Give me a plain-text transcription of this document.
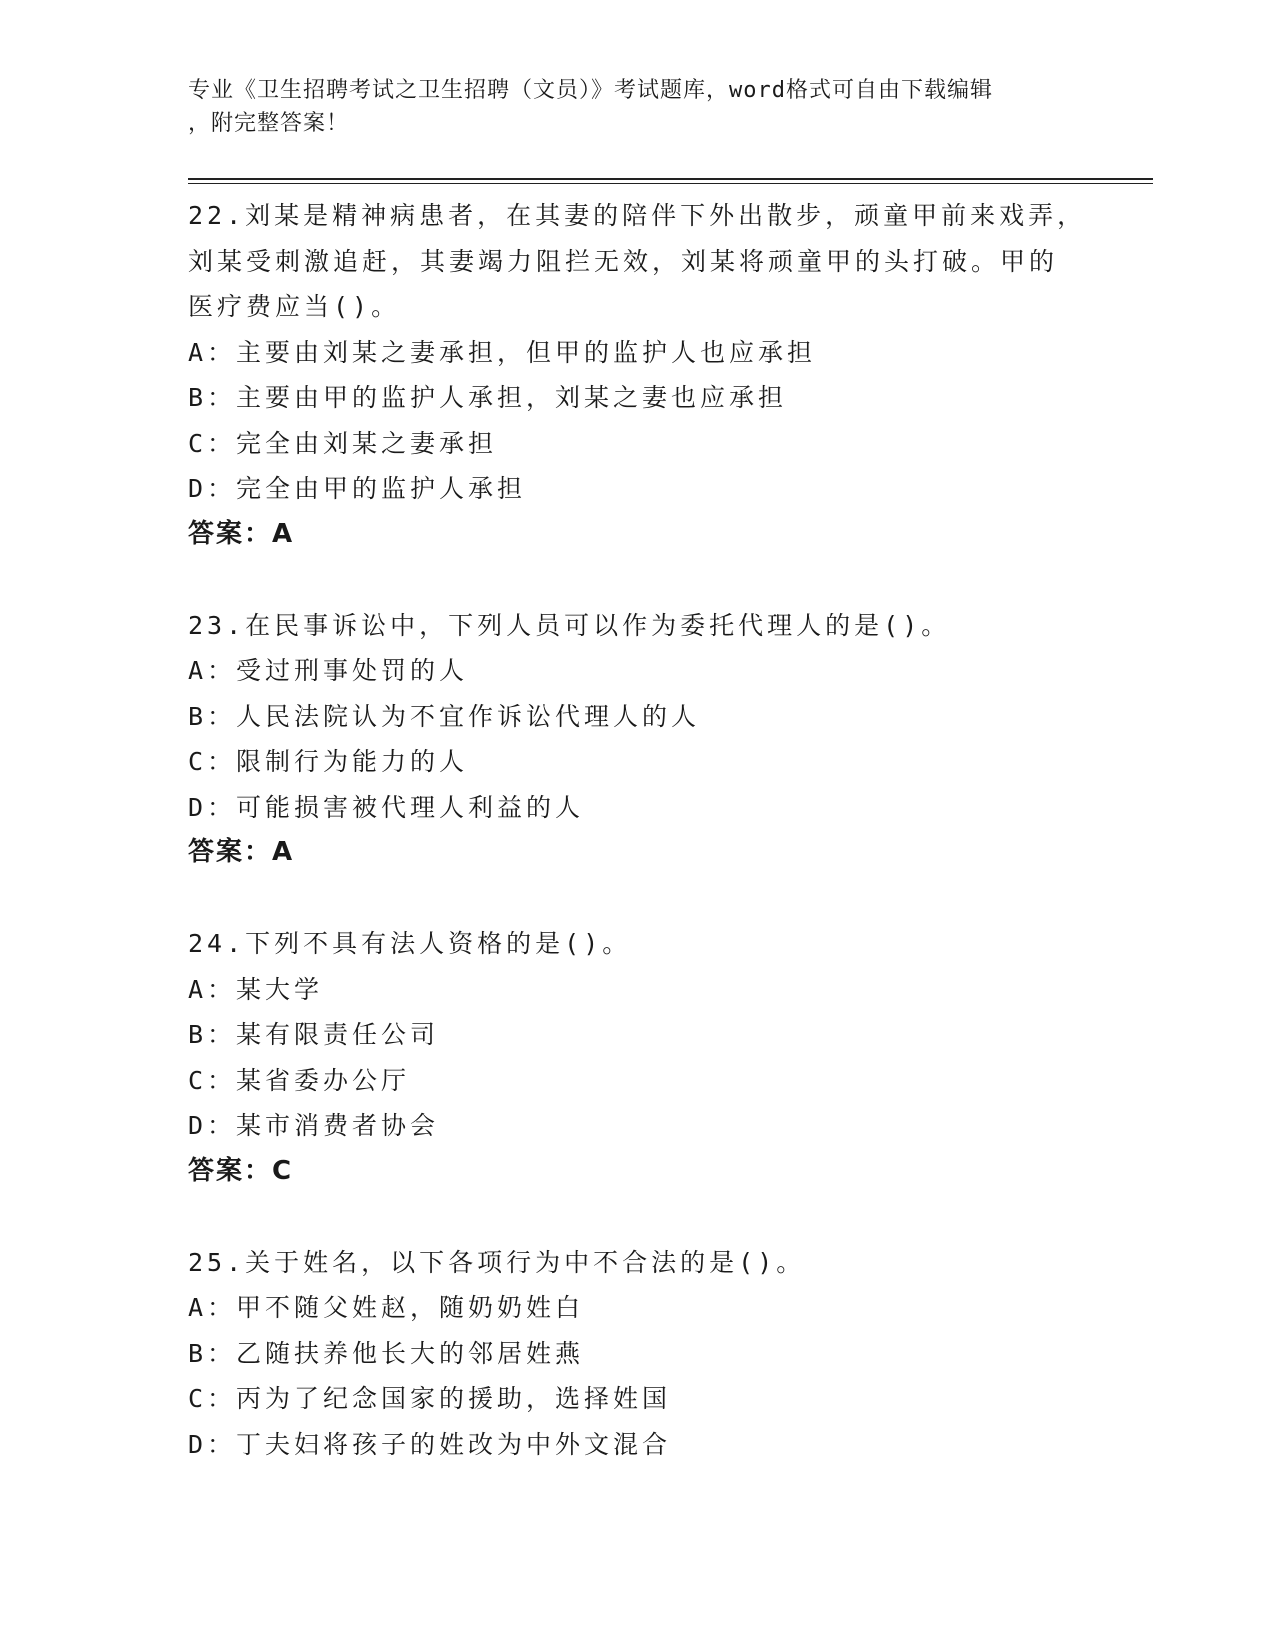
专业《卫生招聘考试之卫生招聘（文员）》考试题库，word格式可自由下载编辑
，附完整答案！
22.刘某是精神病患者，在其妻的陪伴下外出散步，顽童甲前来戏弄，
刘某受刺激追赶，其妻竭力阻拦无效，刘某将顽童甲的头打破。甲的
医疗费应当()。
A：主要由刘某之妻承担，但甲的监护人也应承担
B：主要由甲的监护人承担，刘某之妻也应承担
C：完全由刘某之妻承担
D：完全由甲的监护人承担
答案：A
23.在民事诉讼中，下列人员可以作为委托代理人的是()。
A：受过刑事处罚的人
B：人民法院认为不宜作诉讼代理人的人
C：限制行为能力的人
D：可能损害被代理人利益的人
答案：A
24.下列不具有法人资格的是()。
A：某大学
B：某有限责任公司
C：某省委办公厅
D：某市消费者协会
答案：C
25.关于姓名，以下各项行为中不合法的是()。
A：甲不随父姓赵，随奶奶姓白
B：乙随扶养他长大的邻居姓燕
C：丙为了纪念国家的援助，选择姓国
D：丁夫妇将孩子的姓改为中外文混合
